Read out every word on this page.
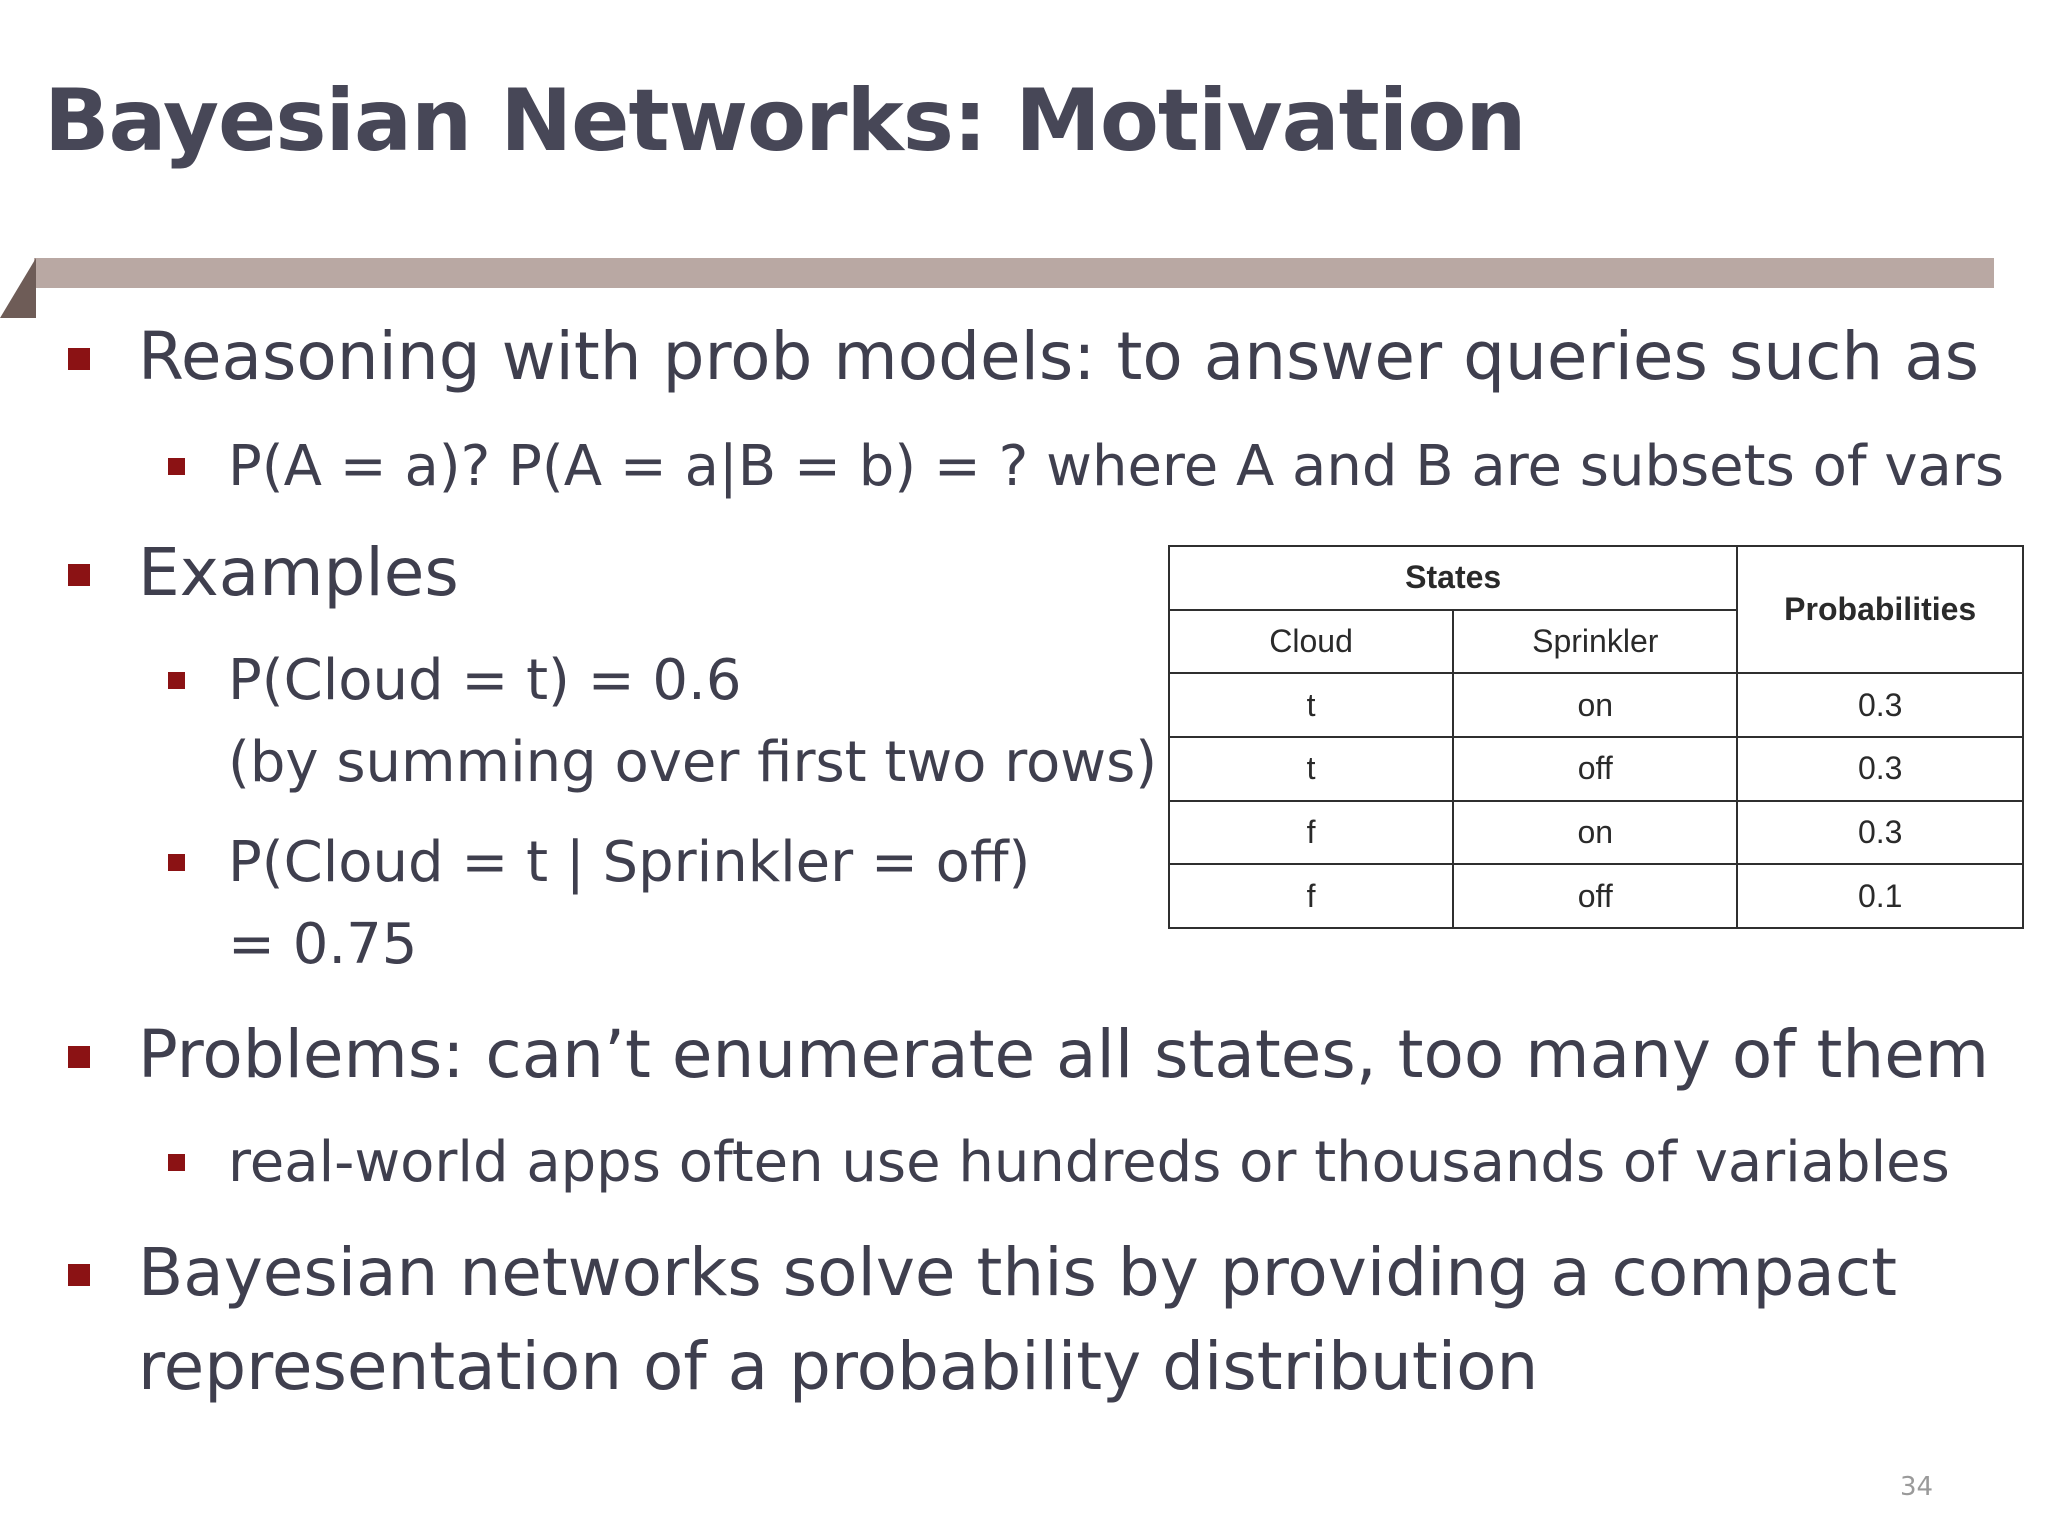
Bayesian Networks: Motivation
Reasoning with prob models: to answer queries such as
P(A = a)? P(A = a|B = b) = ? where A and B are subsets of vars
Examples
P(Cloud = t) = 0.6
(by summing over first two rows)
P(Cloud = t | Sprinkler = off)
= 0.75
Problems: can’t enumerate all states, too many of them
real-world apps often use hundreds or thousands of variables
Bayesian networks solve this by providing a compact
representation of a probability distribution
States		Probabilities
Cloud	Sprinkler	
t	on	0.3
t	off	0.3
f	on	0.3
f	off	0.1
34
